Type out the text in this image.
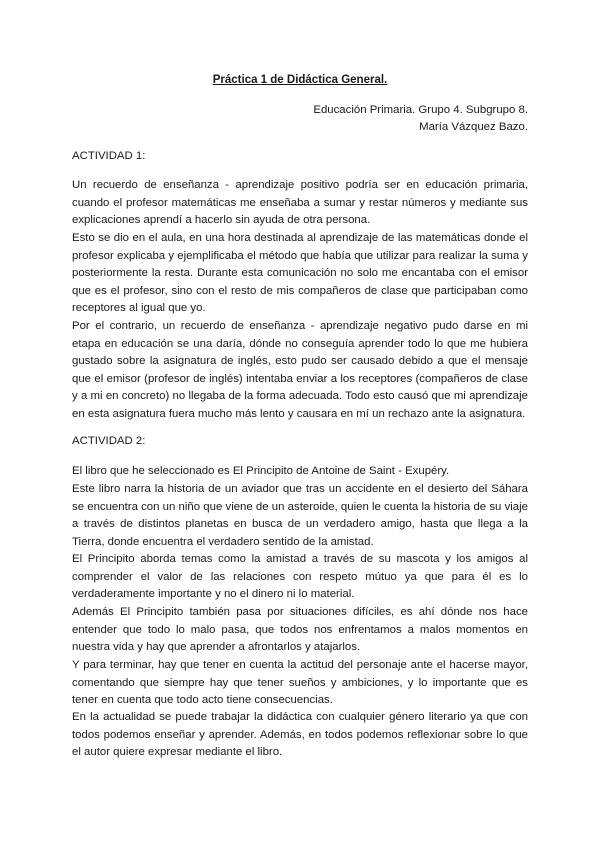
Práctica 1 de Didáctica General.
Educación Primaria. Grupo 4. Subgrupo 8.
María Vázquez Bazo.
ACTIVIDAD 1:
Un recuerdo de enseñanza - aprendizaje positivo podría ser en educación primaria, cuando el profesor matemáticas me enseñaba a sumar y restar números y mediante sus explicaciones aprendí a hacerlo sin ayuda de otra persona.
Esto se dio en el aula, en una hora destinada al aprendizaje de las matemáticas donde el profesor explicaba y ejemplificaba el método que había que utilizar para realizar la suma y posteriormente la resta. Durante esta comunicación no solo me encantaba con el emisor que es el profesor, sino con el resto de mis compañeros de clase que participaban como receptores al igual que yo.
Por el contrario, un recuerdo de enseñanza - aprendizaje negativo pudo darse en mi etapa en educación se una daría, dónde no conseguía aprender todo lo que me hubiera gustado sobre la asignatura de inglés, esto pudo ser causado debido a que el mensaje que el emisor (profesor de inglés) intentaba enviar a los receptores (compañeros de clase y a mi en concreto) no llegaba de la forma adecuada. Todo esto causó que mi aprendizaje en esta asignatura fuera mucho más lento y causara en mí un rechazo ante la asignatura.
ACTIVIDAD 2:
El libro que he seleccionado es El Principito de Antoine de Saint - Exupéry.
Este libro narra la historia de un aviador que tras un accidente en el desierto del Sáhara se encuentra con un niño que viene de un asteroide, quien le cuenta la historia de su viaje a través de distintos planetas en busca de un verdadero amigo, hasta que llega a la Tierra, donde encuentra el verdadero sentido de la amistad.
El Principito aborda temas como la amistad a través de su mascota y los amigos al comprender el valor de las relaciones con respeto mútuo ya que para él es lo verdaderamente importante y no el dinero ni lo material.
Además El Principito también pasa por situaciones difíciles, es ahí dónde nos hace entender que todo lo malo pasa, que todos nos enfrentamos a malos momentos en nuestra vida y hay que aprender a afrontarlos y atajarlos.
Y para terminar, hay que tener en cuenta la actitud del personaje ante el hacerse mayor, comentando que siempre hay que tener sueños y ambiciones, y lo importante que es tener en cuenta que todo acto tiene consecuencias.
En la actualidad se puede trabajar la didáctica con cualquier género literario ya que con todos podemos enseñar y aprender. Además, en todos podemos reflexionar sobre lo que el autor quiere expresar mediante el libro.
